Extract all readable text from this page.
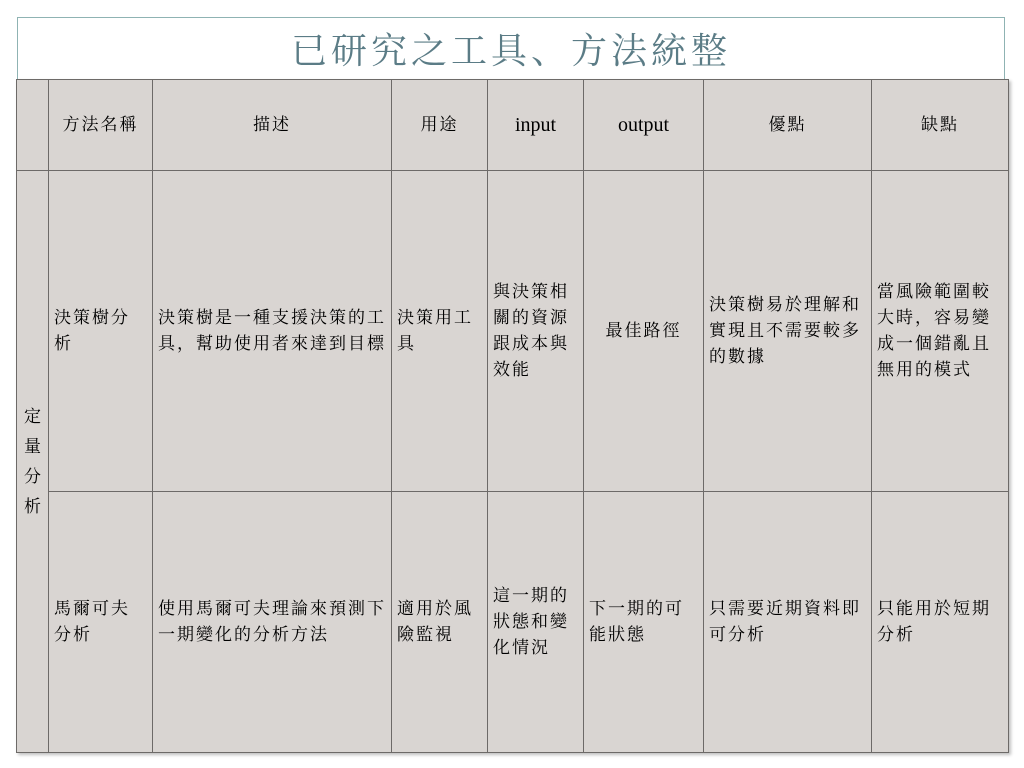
已研究之工具、方法統整
	方法名稱	描述	用途	input	output	優點	缺點
定量分析	決策樹分析	決策樹是一種支援決策的工具，幫助使用者來達到目標	決策用工具	與決策相關的資源跟成本與效能	最佳路徑	決策樹易於理解和實現且不需要較多的數據	當風險範圍較大時，容易變成一個錯亂且無用的模式
	馬爾可夫分析	使用馬爾可夫理論來預測下一期變化的分析方法	適用於風險監視	這一期的狀態和變化情況	下一期的可能狀態	只需要近期資料即可分析	只能用於短期分析
